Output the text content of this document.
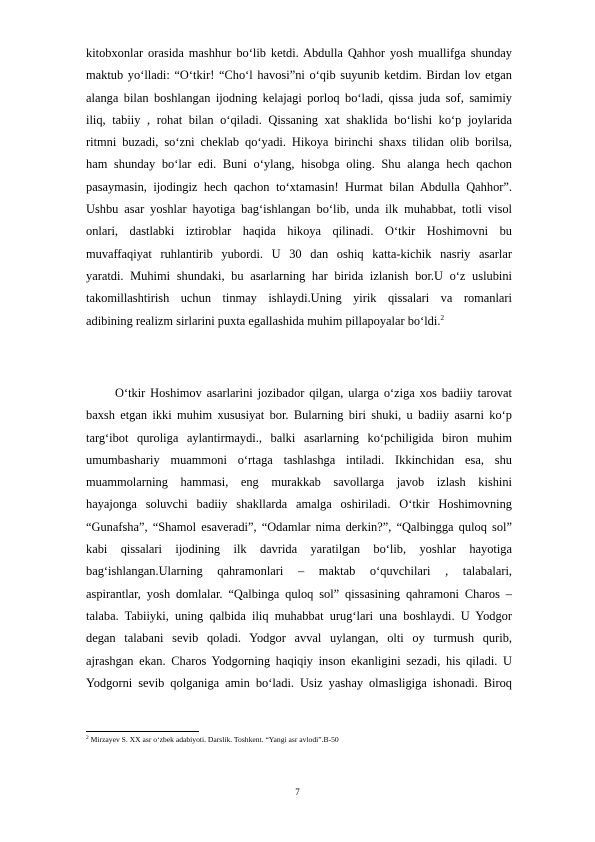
kitobxonlar orasida mashhur bo‘lib ketdi. Abdulla Qahhor yosh muallifga shunday
maktub yo‘lladi: “O‘tkir! “Cho‘l havosi”ni o‘qib suyunib ketdim. Birdan lov etgan
alanga bilan boshlangan ijodning kelajagi porloq bo‘ladi, qissa juda sof, samimiy
iliq, tabiiy , rohat bilan o‘qiladi. Qissaning xat shaklida bo‘lishi ko‘p joylarida
ritmni buzadi, so‘zni cheklab qo‘yadi. Hikoya birinchi shaxs tilidan olib borilsa,
ham shunday bo‘lar edi. Buni o‘ylang, hisobga oling. Shu alanga hech qachon
pasaymasin, ijodingiz hech qachon to‘xtamasin! Hurmat bilan Abdulla Qahhor”.
Ushbu asar yoshlar hayotiga bag‘ishlangan bo‘lib, unda ilk muhabbat, totli visol
onlari, dastlabki iztiroblar haqida hikoya qilinadi. O‘tkir Hoshimovni bu
muvaffaqiyat ruhlantirib yubordi. U 30 dan oshiq katta-kichik nasriy asarlar
yaratdi. Muhimi shundaki, bu asarlarning har birida izlanish bor.U o‘z uslubini
takomillashtirish uchun tinmay ishlaydi.Uning yirik qissalari va romanlari
adibining realizm sirlarini puxta egallashida muhim pillapoyalar bo‘ldi.$^2$
O‘tkir Hoshimov asarlarini jozibador qilgan, ularga o‘ziga xos badiiy tarovat
baxsh etgan ikki muhim xususiyat bor. Bularning biri shuki, u badiiy asarni ko‘p
targ‘ibot quroliga aylantirmaydi., balki asarlarning ko‘pchiligida biron muhim
umumbashariy muammoni o‘rtaga tashlashga intiladi. Ikkinchidan esa, shu
muammolarning hammasi, eng murakkab savollarga javob izlash kishini
hayajonga soluvchi badiiy shakllarda amalga oshiriladi. O‘tkir Hoshimovning
“Gunafsha”, “Shamol esaveradi”, “Odamlar nima derkin?”, “Qalbingga quloq sol”
kabi qissalari ijodining ilk davrida yaratilgan bo‘lib, yoshlar hayotiga
bag‘ishlangan.Ularning qahramonlari – maktab o‘quvchilari , talabalari,
aspirantlar, yosh domlalar. “Qalbinga quloq sol” qissasining qahramoni Charos –
talaba. Tabiiyki, uning qalbida iliq muhabbat urug‘lari una boshlaydi. U Yodgor
degan talabani sevib qoladi. Yodgor avval uylangan, olti oy turmush qurib,
ajrashgan ekan. Charos Yodgorning haqiqiy inson ekanligini sezadi, his qiladi. U
Yodgorni sevib qolganiga amin bo‘ladi. Usiz yashay olmasligiga ishonadi. Biroq
$^2$ Mirzayev S. XX asr o‘zbek adabiyoti. Darslik. Toshkent. “Yangi asr avlodi”.B-50
7
